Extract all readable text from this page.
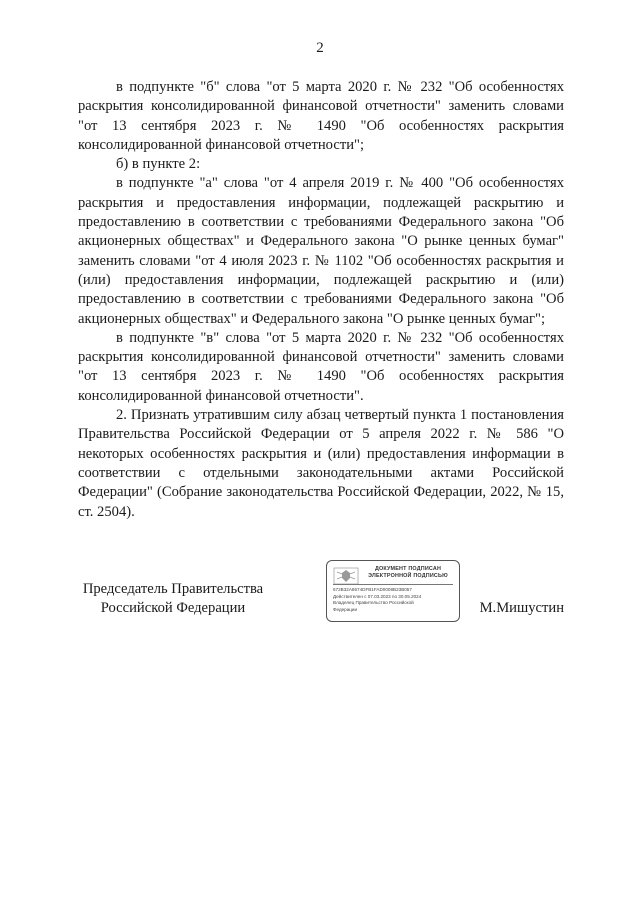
2

в подпункте "б" слова "от 5 марта 2020 г. № 232 "Об особенностях раскрытия консолидированной финансовой отчетности" заменить словами "от 13 сентября 2023 г. № 1490 "Об особенностях раскрытия консолидированной финансовой отчетности";

б) в пункте 2:

в подпункте "а" слова "от 4 апреля 2019 г. № 400 "Об особенностях раскрытия и предоставления информации, подлежащей раскрытию и предоставлению в соответствии с требованиями Федерального закона "Об акционерных обществах" и Федерального закона "О рынке ценных бумаг" заменить словами "от 4 июля 2023 г. № 1102 "Об особенностях раскрытия и (или) предоставления информации, подлежащей раскрытию и (или) предоставлению в соответствии с требованиями Федерального закона "Об акционерных обществах" и Федерального закона "О рынке ценных бумаг";

в подпункте "в" слова "от 5 марта 2020 г. № 232 "Об особенностях раскрытия консолидированной финансовой отчетности" заменить словами "от 13 сентября 2023 г. № 1490 "Об особенностях раскрытия консолидированной финансовой отчетности".

2. Признать утратившим силу абзац четвертый пункта 1 постановления Правительства Российской Федерации от 5 апреля 2022 г. № 586 "О некоторых особенностях раскрытия и (или) предоставления информации в соответствии с отдельными законодательными актами Российской Федерации" (Собрание законодательства Российской Федерации, 2022, № 15, ст. 2504).

Председатель Правительства
Российской Федерации
ДОКУМЕНТ ПОДПИСАН
ЭЛЕКТРОННОЙ ПОДПИСЬЮ
672B32A8674DFB1FAD0008B23B057
Действителен с 07.03.2023 по 30.05.2024
Владелец Правительство Российской
Федерации	М.Мишустин
